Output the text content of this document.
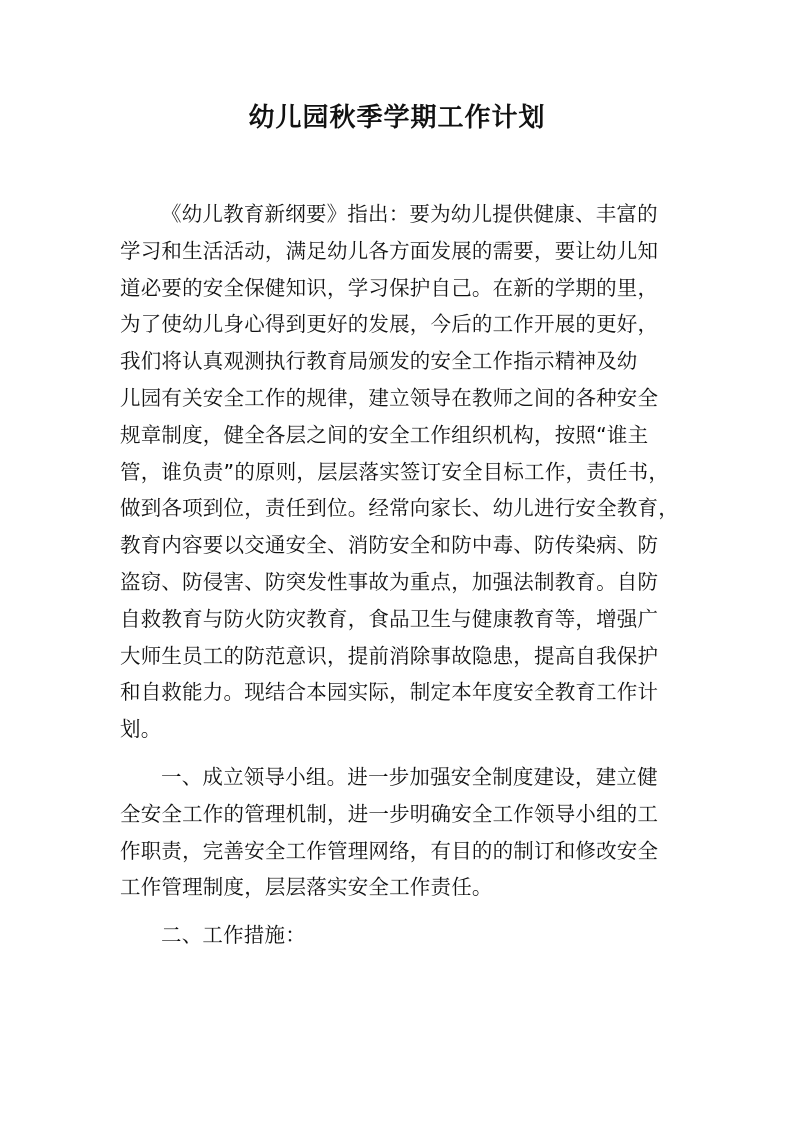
幼儿园秋季学期工作计划
《幼儿教育新纲要》指出：要为幼儿提供健康、丰富的
学习和生活活动，满足幼儿各方面发展的需要，要让幼儿知
道必要的安全保健知识，学习保护自己。在新的学期的里，
为了使幼儿身心得到更好的发展，今后的工作开展的更好，
我们将认真观测执行教育局颁发的安全工作指示精神及幼
儿园有关安全工作的规律，建立领导在教师之间的各种安全
规章制度，健全各层之间的安全工作组织机构，按照“谁主
管，谁负责”的原则，层层落实签订安全目标工作，责任书，
做到各项到位，责任到位。经常向家长、幼儿进行安全教育，
教育内容要以交通安全、消防安全和防中毒、防传染病、防
盗窃、防侵害、防突发性事故为重点，加强法制教育。自防
自救教育与防火防灾教育，食品卫生与健康教育等，增强广
大师生员工的防范意识，提前消除事故隐患，提高自我保护
和自救能力。现结合本园实际，制定本年度安全教育工作计
划。
一、成立领导小组。进一步加强安全制度建设，建立健
全安全工作的管理机制，进一步明确安全工作领导小组的工
作职责，完善安全工作管理网络，有目的的制订和修改安全
工作管理制度，层层落实安全工作责任。
二、工作措施：
